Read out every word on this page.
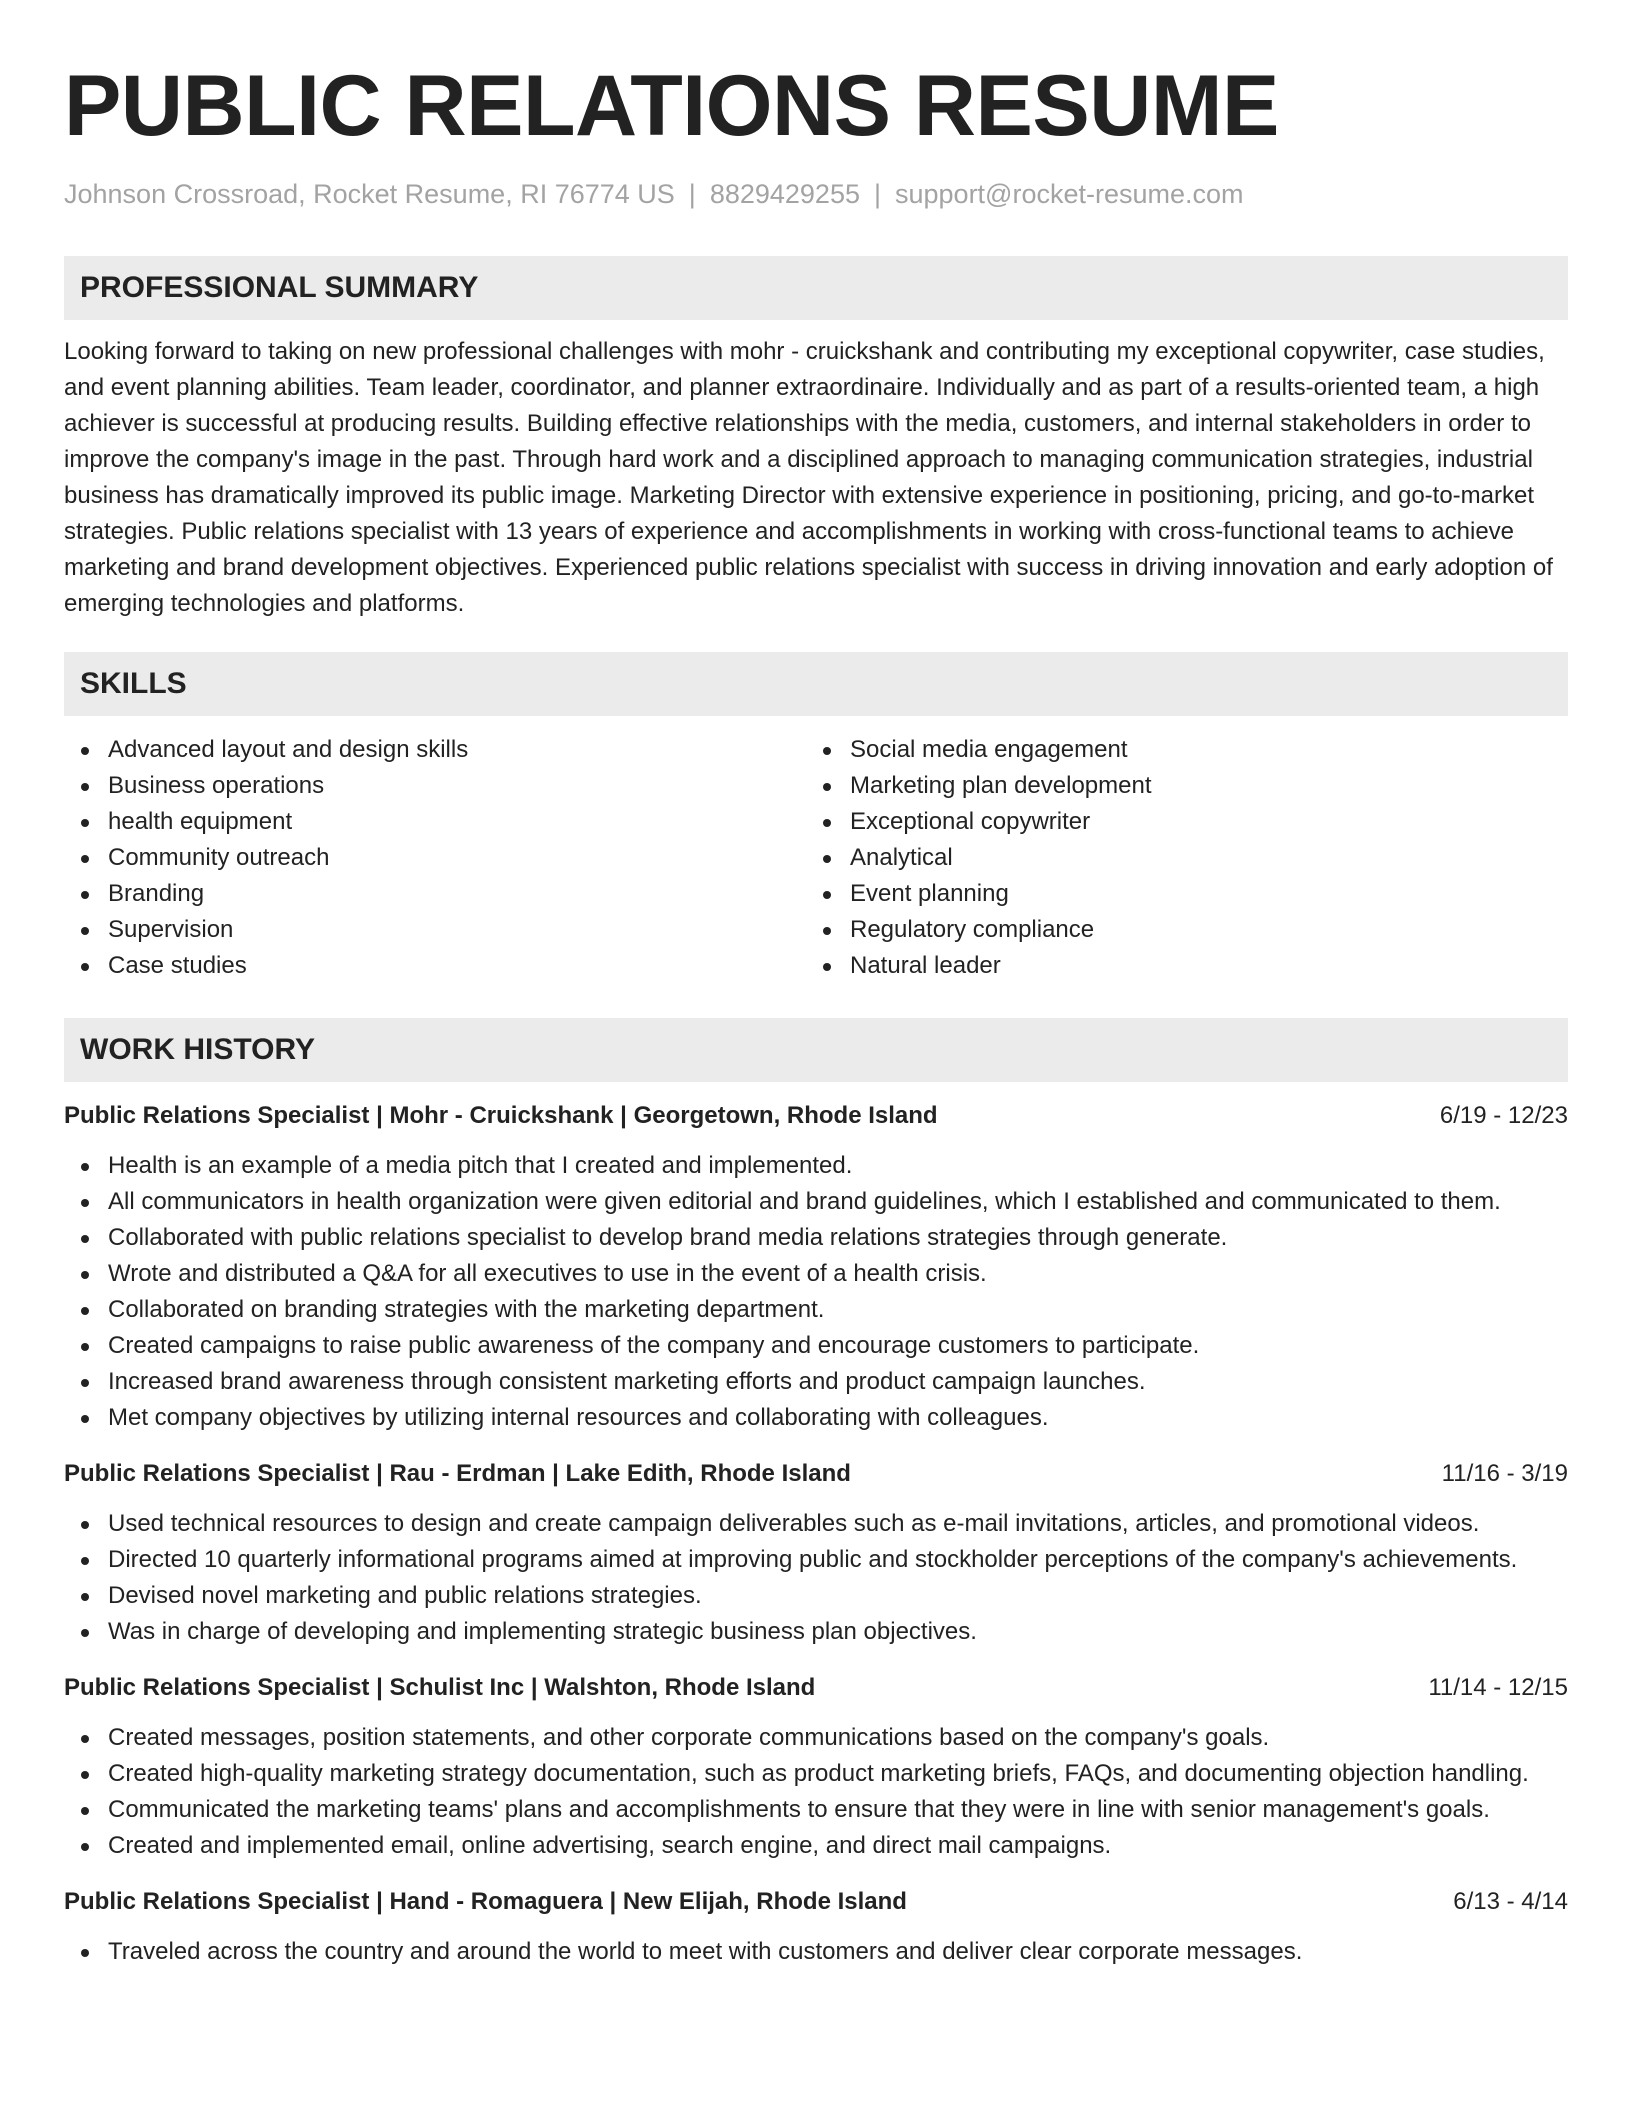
PUBLIC RELATIONS RESUME
Johnson Crossroad, Rocket Resume, RI 76774 US | 8829429255 | support@rocket-resume.com
PROFESSIONAL SUMMARY

Looking forward to taking on new professional challenges with mohr - cruickshank and contributing my exceptional copywriter, case studies, and event planning abilities. Team leader, coordinator, and planner extraordinaire. Individually and as part of a results-oriented team, a high achiever is successful at producing results. Building effective relationships with the media, customers, and internal stakeholders in order to improve the company's image in the past. Through hard work and a disciplined approach to managing communication strategies, industrial business has dramatically improved its public image. Marketing Director with extensive experience in positioning, pricing, and go-to-market strategies. Public relations specialist with 13 years of experience and accomplishments in working with cross-functional teams to achieve marketing and brand development objectives. Experienced public relations specialist with success in driving innovation and early adoption of emerging technologies and platforms.

SKILLS
Advanced layout and design skills
Business operations
health equipment
Community outreach
Branding
Supervision
Case studies
Social media engagement
Marketing plan development
Exceptional copywriter
Analytical
Event planning
Regulatory compliance
Natural leader
WORK HISTORY
Public Relations Specialist | Mohr - Cruickshank | Georgetown, Rhode Island	6/19 - 12/23
Health is an example of a media pitch that I created and implemented.
All communicators in health organization were given editorial and brand guidelines, which I established and communicated to them.
Collaborated with public relations specialist to develop brand media relations strategies through generate.
Wrote and distributed a Q&A for all executives to use in the event of a health crisis.
Collaborated on branding strategies with the marketing department.
Created campaigns to raise public awareness of the company and encourage customers to participate.
Increased brand awareness through consistent marketing efforts and product campaign launches.
Met company objectives by utilizing internal resources and collaborating with colleagues.
Public Relations Specialist | Rau - Erdman | Lake Edith, Rhode Island	11/16 - 3/19
Used technical resources to design and create campaign deliverables such as e-mail invitations, articles, and promotional videos.
Directed 10 quarterly informational programs aimed at improving public and stockholder perceptions of the company's achievements.
Devised novel marketing and public relations strategies.
Was in charge of developing and implementing strategic business plan objectives.
Public Relations Specialist | Schulist Inc | Walshton, Rhode Island	11/14 - 12/15
Created messages, position statements, and other corporate communications based on the company's goals.
Created high-quality marketing strategy documentation, such as product marketing briefs, FAQs, and documenting objection handling.
Communicated the marketing teams' plans and accomplishments to ensure that they were in line with senior management's goals.
Created and implemented email, online advertising, search engine, and direct mail campaigns.
Public Relations Specialist | Hand - Romaguera | New Elijah, Rhode Island	6/13 - 4/14
Traveled across the country and around the world to meet with customers and deliver clear corporate messages.
